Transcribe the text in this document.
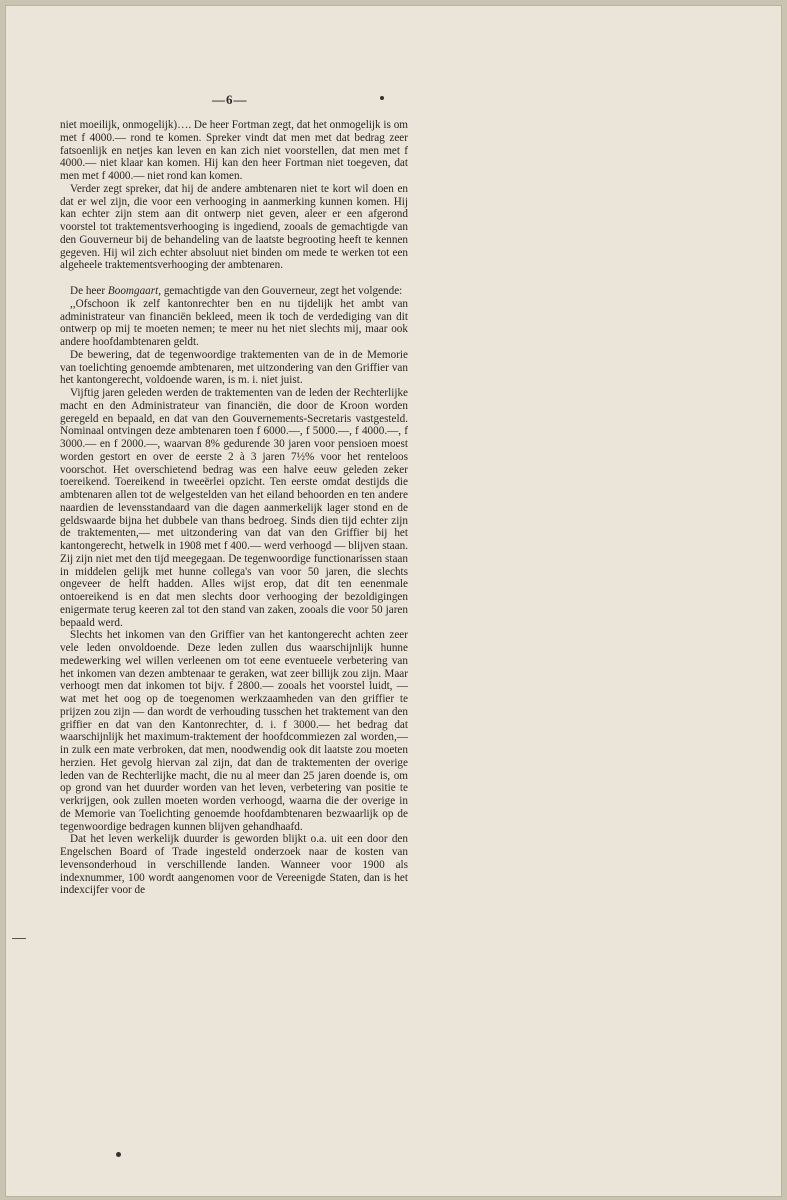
—6—

niet moeilijk, onmogelijk)…. De heer Fortman zegt, dat het onmogelijk is om met f 4000.— rond te komen. Spreker vindt dat men met dat bedrag zeer fatsoenlijk en netjes kan leven en kan zich niet voorstellen, dat men met f 4000.— niet klaar kan komen. Hij kan den heer Fortman niet toegeven, dat men met f 4000.— niet rond kan komen.

Verder zegt spreker, dat hij de andere ambtenaren niet te kort wil doen en dat er wel zijn, die voor een verhooging in aanmerking kunnen komen. Hij kan echter zijn stem aan dit ontwerp niet geven, aleer er een afgerond voorstel tot traktementsverhooging is ingediend, zooals de gemachtigde van den Gouverneur bij de behandeling van de laatste begrooting heeft te kennen gegeven. Hij wil zich echter absoluut niet binden om mede te werken tot een algeheele traktementsverhooging der ambtenaren.

De heer Boomgaart, gemachtigde van den Gouverneur, zegt het volgende:

,,Ofschoon ik zelf kantonrechter ben en nu tijdelijk het ambt van administrateur van financiën bekleed, meen ik toch de verdediging van dit ontwerp op mij te moeten nemen; te meer nu het niet slechts mij, maar ook andere hoofdambtenaren geldt.

De bewering, dat de tegenwoordige traktementen van de in de Memorie van toelichting genoemde ambtenaren, met uitzondering van den Griffier van het kantongerecht, voldoende waren, is m. i. niet juist.

Vijftig jaren geleden werden de traktementen van de leden der Rechterlijke macht en den Administrateur van financiën, die door de Kroon worden geregeld en bepaald, en dat van den Gouvernements-Secretaris vastgesteld. Nominaal ontvingen deze ambtenaren toen f 6000.—, f 5000.—, f 4000.—, f 3000.— en f 2000.—, waarvan 8% gedurende 30 jaren voor pensioen moest worden gestort en over de eerste 2 à 3 jaren 7½% voor het renteloos voorschot. Het overschietend bedrag was een halve eeuw geleden zeker toereikend. Toereikend in tweeërlei opzicht. Ten eerste omdat destijds die ambtenaren allen tot de welgestelden van het eiland behoorden en ten andere naardien de levensstandaard van die dagen aanmerkelijk lager stond en de geldswaarde bijna het dubbele van thans bedroeg. Sinds dien tijd echter zijn de traktementen,— met uitzondering van dat van den Griffier bij het kantongerecht, hetwelk in 1908 met f 400.— werd verhoogd — blijven staan. Zij zijn niet met den tijd meegegaan. De tegenwoordige functionarissen staan in middelen gelijk met hunne collega's van voor 50 jaren, die slechts ongeveer de helft hadden. Alles wijst erop, dat dit ten eenenmale ontoereikend is en dat men slechts door verhooging der bezoldigingen enigermate terug keeren zal tot den stand van zaken, zooals die voor 50 jaren bepaald werd.

Slechts het inkomen van den Griffier van het kantongerecht achten zeer vele leden onvoldoende. Deze leden zullen dus waarschijnlijk hunne medewerking wel willen verleenen om tot eene eventueele verbetering van het inkomen van dezen ambtenaar te geraken, wat zeer billijk zou zijn. Maar verhoogt men dat inkomen tot bijv. f 2800.— zooals het voorstel luidt, — wat met het oog op de toegenomen werkzaamheden van den griffier te prijzen zou zijn — dan wordt de verhouding tusschen het traktement van den griffier en dat van den Kantonrechter, d. i. f 3000.— het bedrag dat waarschijnlijk het maximum-traktement der hoofdcommiezen zal worden,— in zulk een mate verbroken, dat men, noodwendig ook dit laatste zou moeten herzien. Het gevolg hiervan zal zijn, dat dan de traktementen der overige leden van de Rechterlijke macht, die nu al meer dan 25 jaren doende is, om op grond van het duurder worden van het leven, verbetering van positie te verkrijgen, ook zullen moeten worden verhoogd, waarna die der overige in de Memorie van Toelichting genoemde hoofdambtenaren bezwaarlijk op de tegenwoordige bedragen kunnen blijven gehandhaafd.

Dat het leven werkelijk duurder is geworden blijkt o.a. uit een door den Engelschen Board of Trade ingesteld onderzoek naar de kosten van levensonderhoud in verschillende landen. Wanneer voor 1900 als indexnummer, 100 wordt aangenomen voor de Vereenigde Staten, dan is het indexcijfer voor de
